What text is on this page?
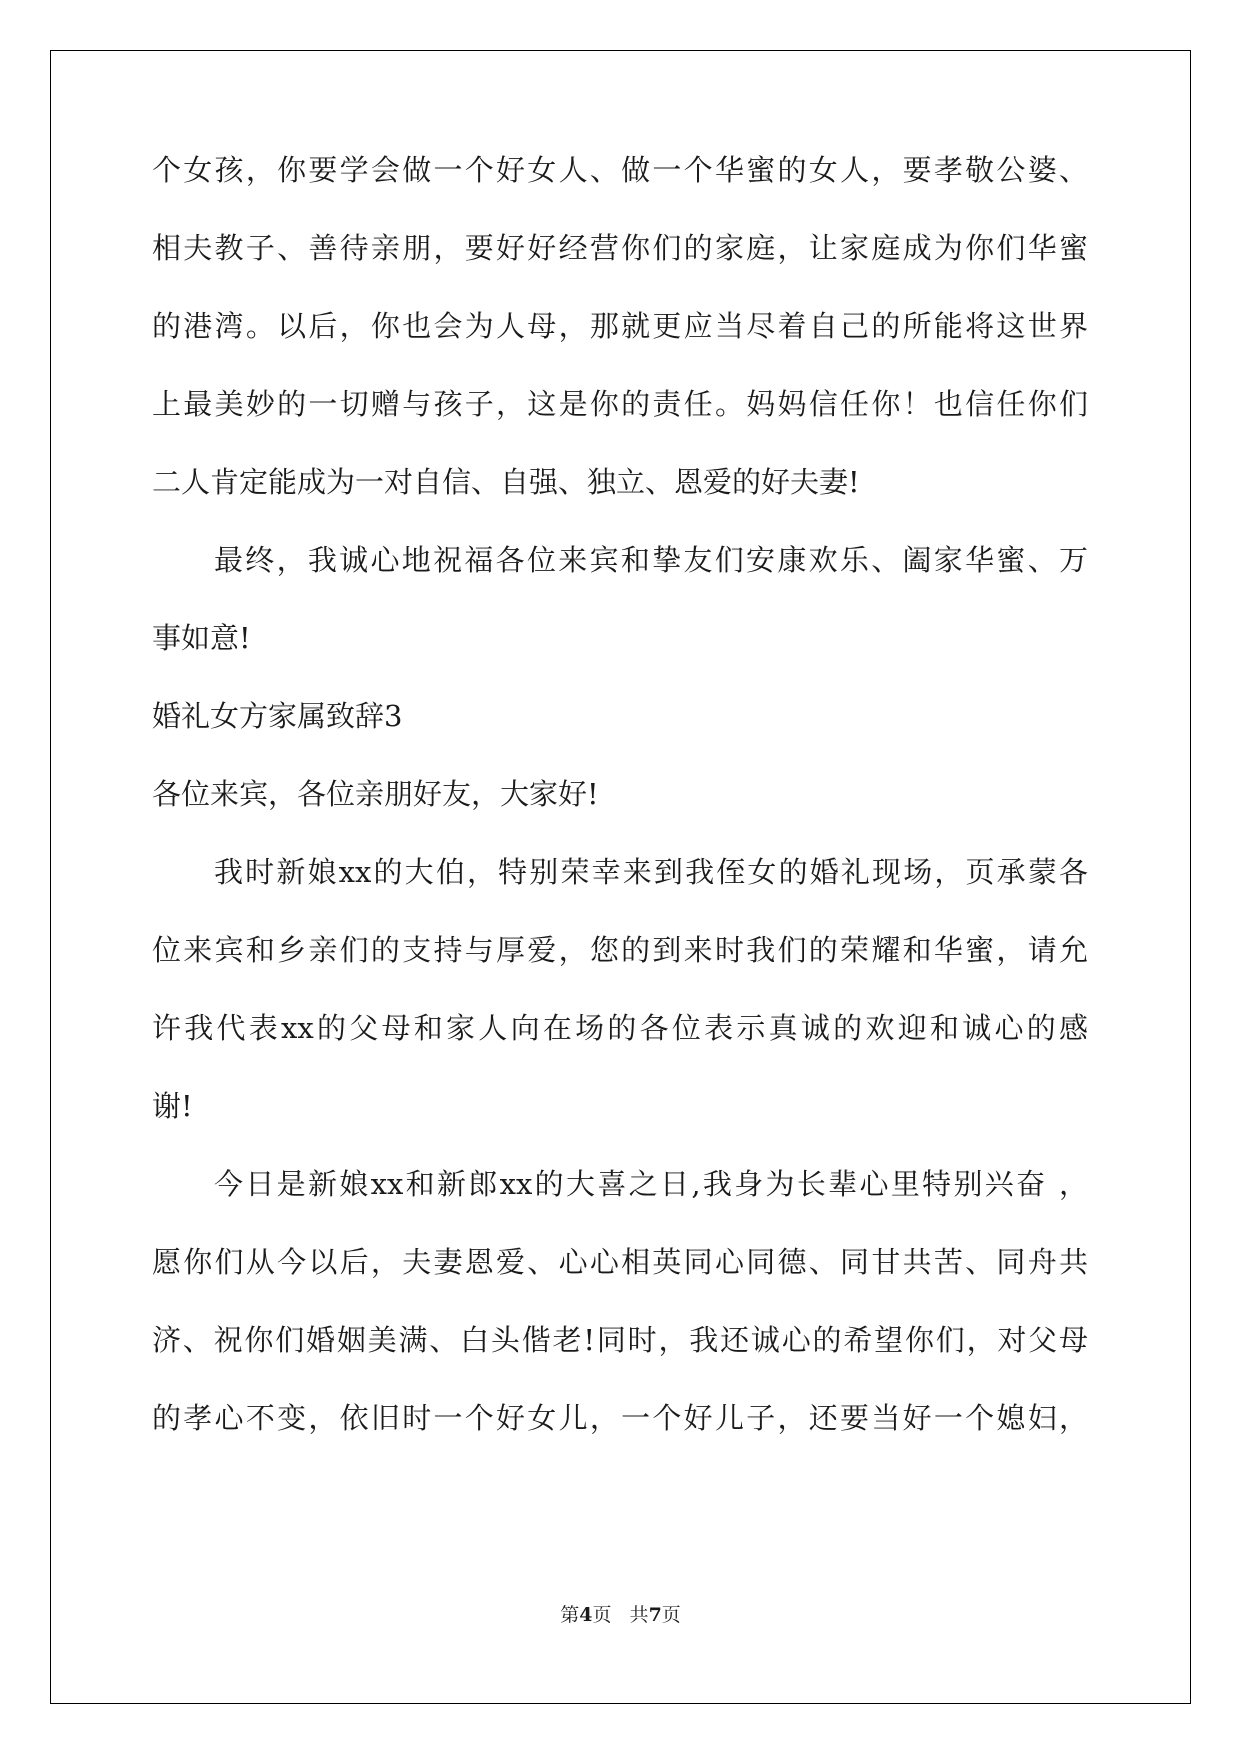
个女孩，你要学会做一个好女人、做一个华蜜的女人，要孝敬公婆、
相夫教子、善待亲朋，要好好经营你们的家庭，让家庭成为你们华蜜
的港湾。以后，你也会为人母，那就更应当尽着自己的所能将这世界
上最美妙的一切赠与孩子，这是你的责任。妈妈信任你！也信任你们
二人肯定能成为一对自信、自强、独立、恩爱的好夫妻!
最终，我诚心地祝福各位来宾和挚友们安康欢乐、阖家华蜜、万
事如意!
婚礼女方家属致辞3
各位来宾，各位亲朋好友，大家好!
我时新娘xx的大伯，特别荣幸来到我侄女的婚礼现场，页承蒙各
位来宾和乡亲们的支持与厚爱，您的到来时我们的荣耀和华蜜，请允
许我代表xx的父母和家人向在场的各位表示真诚的欢迎和诚心的感
谢!
今日是新娘xx和新郎xx的大喜之日,我身为长辈心里特别兴奋 ，
愿你们从今以后，夫妻恩爱、心心相英同心同德、同甘共苦、同舟共
济、祝你们婚姻美满、白头偕老!同时，我还诚心的希望你们，对父母
的孝心不变，依旧时一个好女儿，一个好儿子，还要当好一个媳妇，
第4页   共7页
